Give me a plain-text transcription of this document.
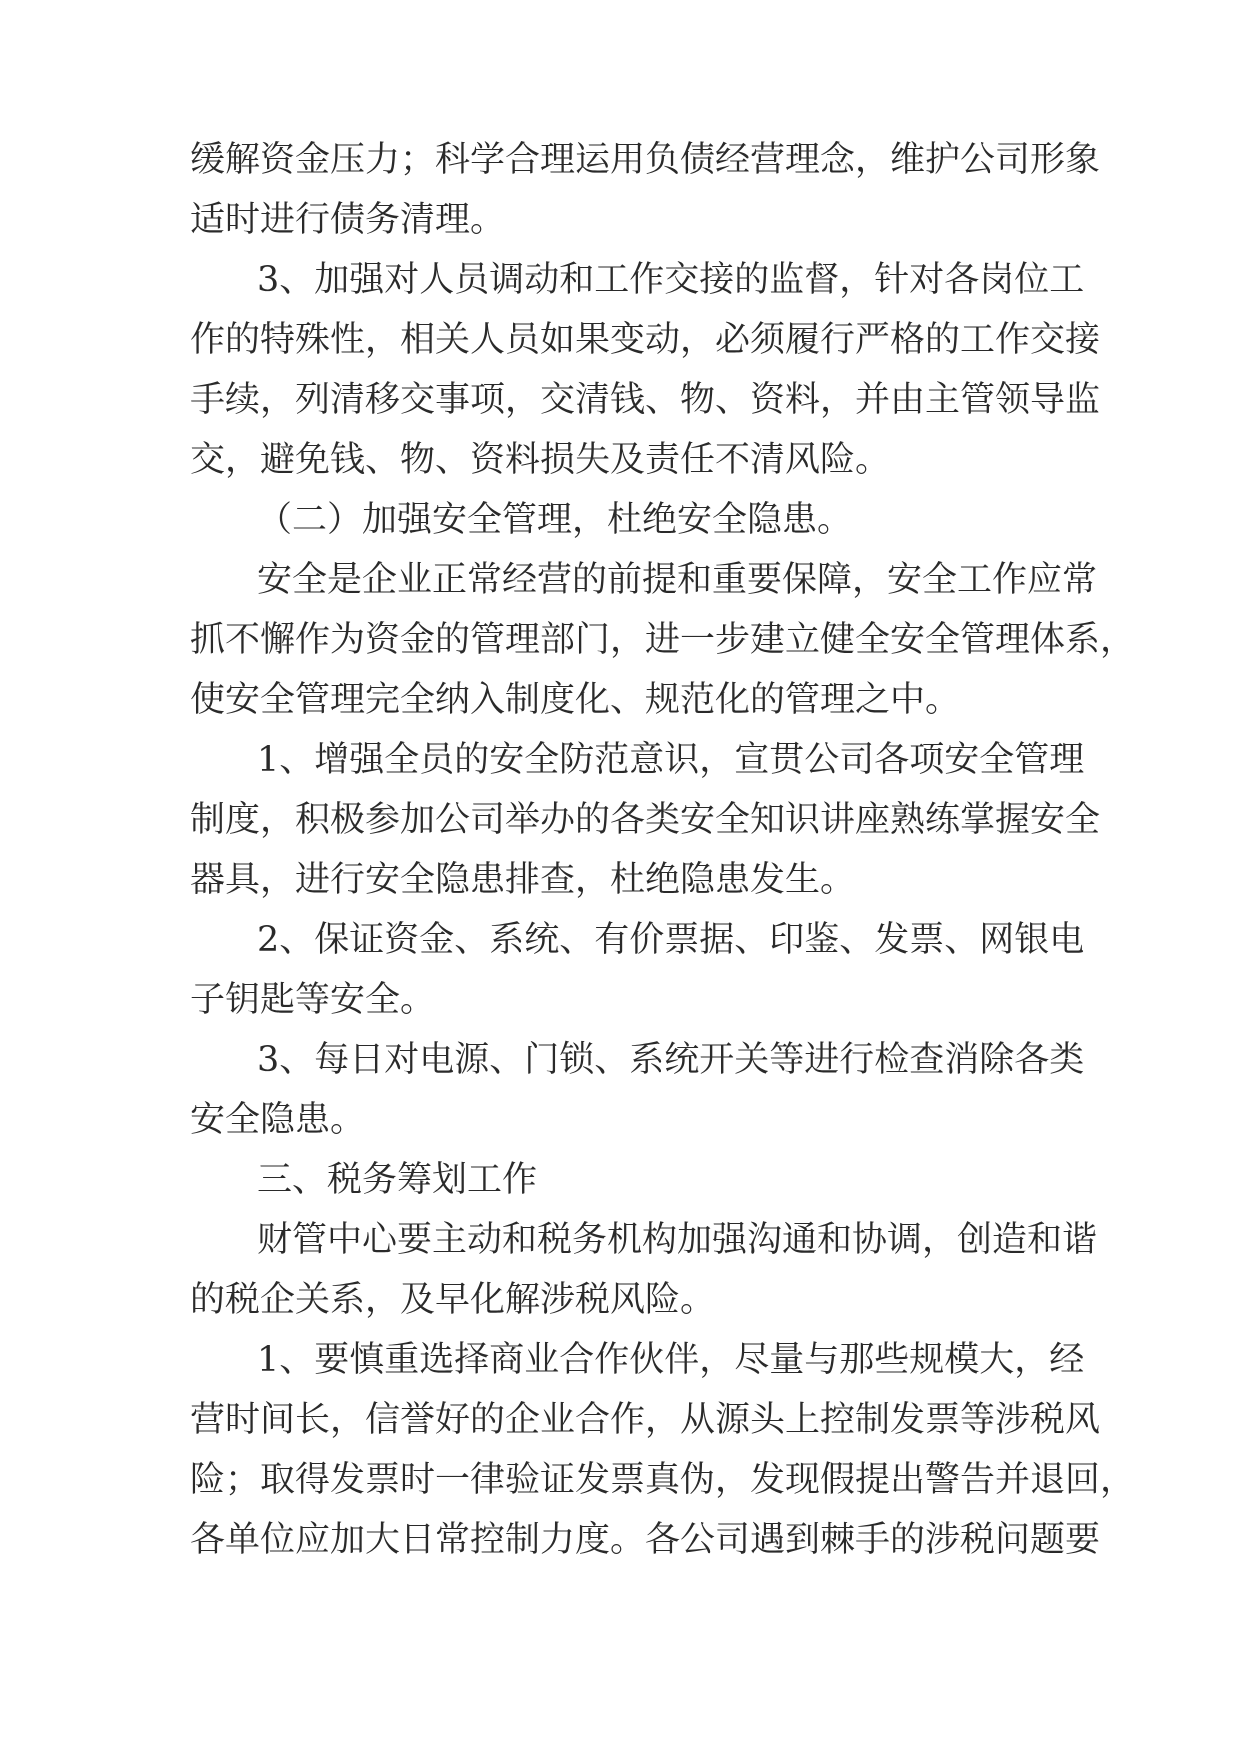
缓解资金压力；科学合理运用负债经营理念，维护公司形象
适时进行债务清理。
3、加强对人员调动和工作交接的监督，针对各岗位工
作的特殊性，相关人员如果变动，必须履行严格的工作交接
手续，列清移交事项，交清钱、物、资料，并由主管领导监
交，避免钱、物、资料损失及责任不清风险。
（二）加强安全管理，杜绝安全隐患。
安全是企业正常经营的前提和重要保障，安全工作应常
抓不懈作为资金的管理部门，进一步建立健全安全管理体系，
使安全管理完全纳入制度化、规范化的管理之中。
1、增强全员的安全防范意识，宣贯公司各项安全管理
制度，积极参加公司举办的各类安全知识讲座熟练掌握安全
器具，进行安全隐患排查，杜绝隐患发生。
2、保证资金、系统、有价票据、印鉴、发票、网银电
子钥匙等安全。
3、每日对电源、门锁、系统开关等进行检查消除各类
安全隐患。
三、税务筹划工作
财管中心要主动和税务机构加强沟通和协调，创造和谐
的税企关系，及早化解涉税风险。
1、要慎重选择商业合作伙伴，尽量与那些规模大，经
营时间长，信誉好的企业合作，从源头上控制发票等涉税风
险；取得发票时一律验证发票真伪，发现假提出警告并退回，
各单位应加大日常控制力度。各公司遇到棘手的涉税问题要
